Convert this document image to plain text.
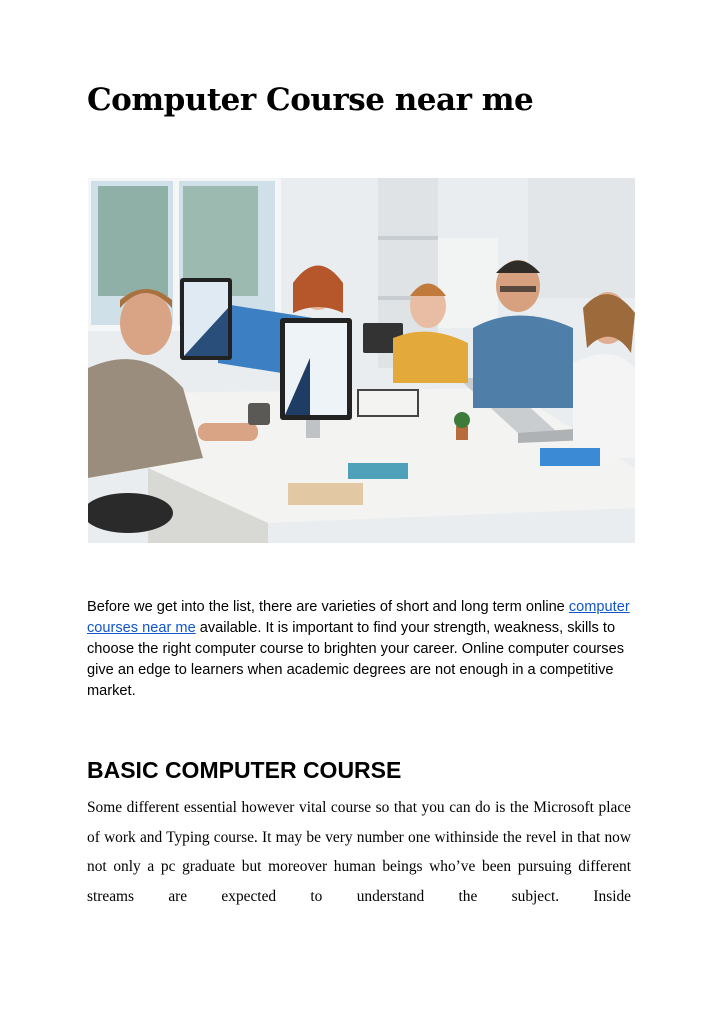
Computer Course near me

Before we get into the list, there are varieties of short and long term online computer courses near me available. It is important to find your strength, weakness, skills to choose the right computer course to brighten your career. Online computer courses give an edge to learners when academic degrees are not enough in a competitive market.

BASIC COMPUTER COURSE

Some different essential however vital course so that you can do is the Microsoft place of work and Typing course. It may be very number one withinside the revel in that now not only a pc graduate but moreover human beings who’ve been pursuing different streams are expected to understand the subject. Inside
